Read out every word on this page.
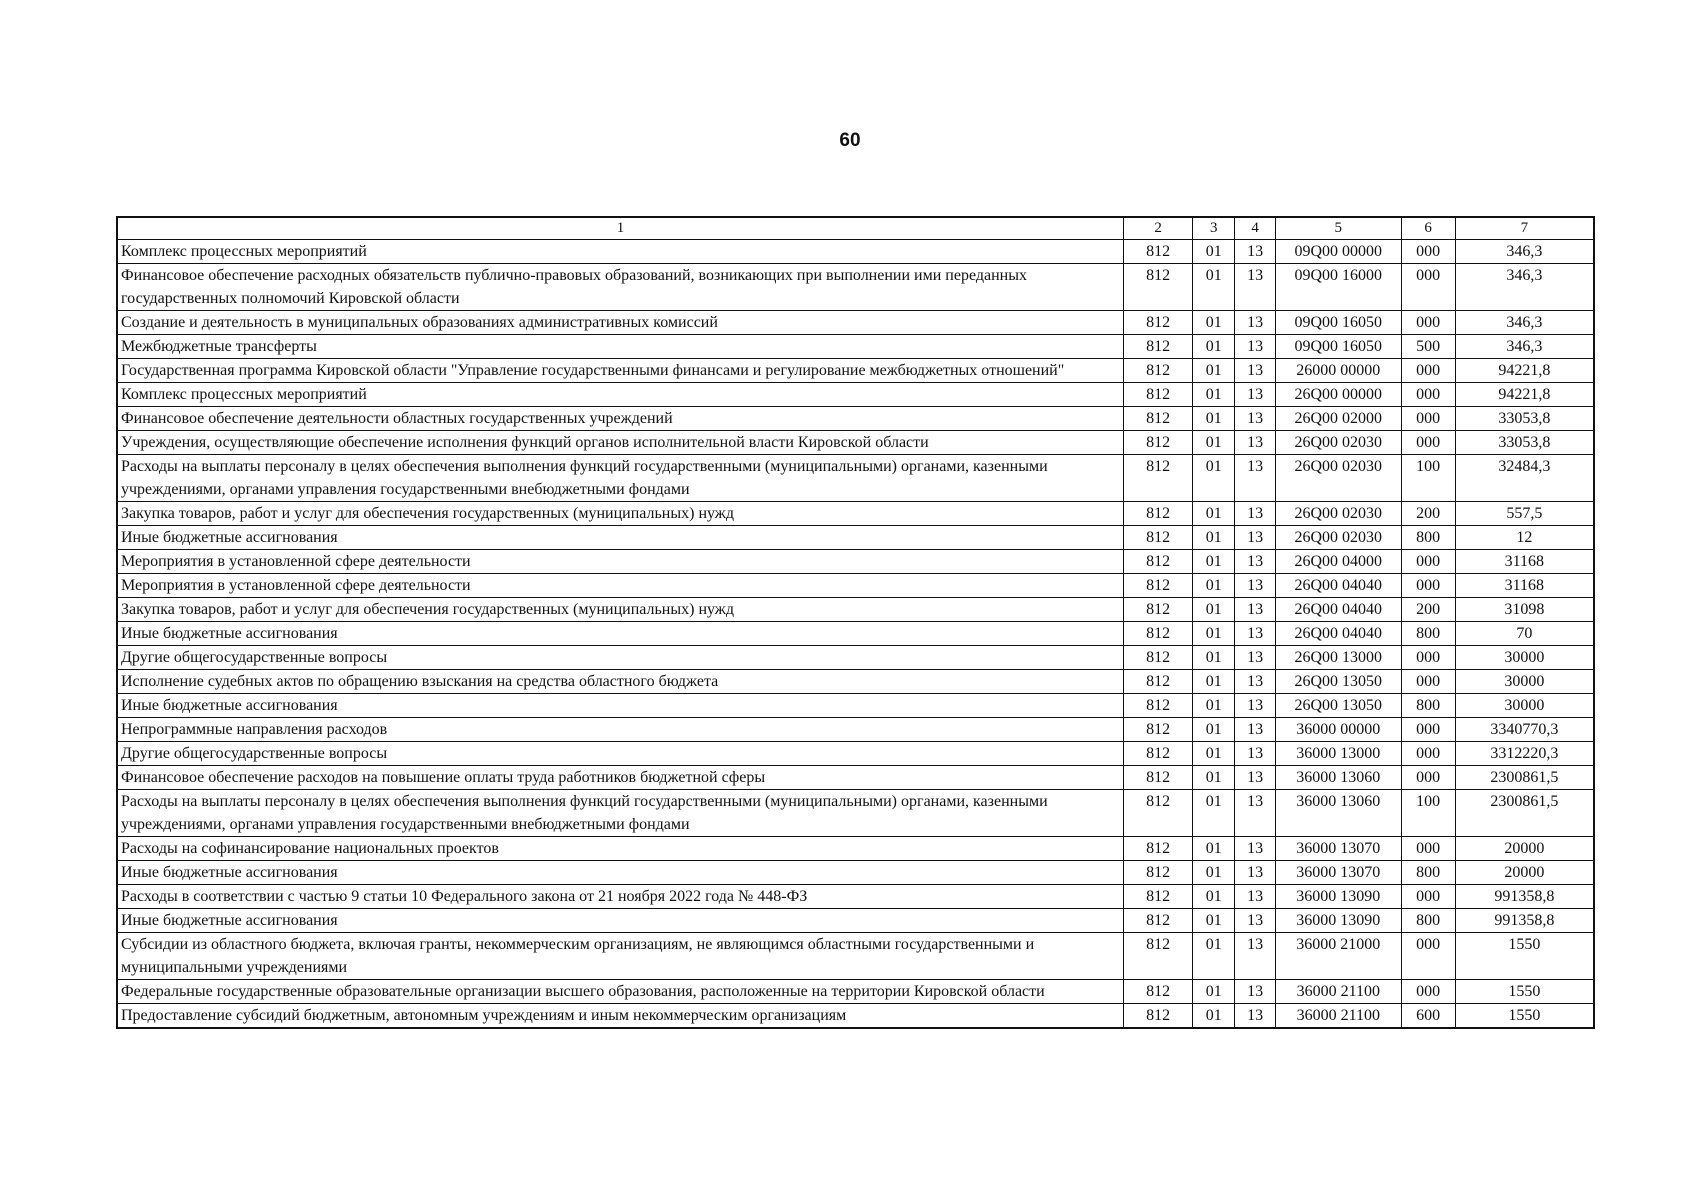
60
1	2	3	4	5	6	7
Комплекс процессных мероприятий	812	01	13	09Q00 00000	000	346,3
Финансовое обеспечение расходных обязательств публично-правовых образований, возникающих при выполнении ими переданных государственных полномочий Кировской области	812	01	13	09Q00 16000	000	346,3
Создание и деятельность в муниципальных образованиях административных комиссий	812	01	13	09Q00 16050	000	346,3
Межбюджетные трансферты	812	01	13	09Q00 16050	500	346,3
Государственная программа Кировской области "Управление государственными финансами и регулирование межбюджетных отношений"	812	01	13	26000 00000	000	94221,8
Комплекс процессных мероприятий	812	01	13	26Q00 00000	000	94221,8
Финансовое обеспечение деятельности областных государственных учреждений	812	01	13	26Q00 02000	000	33053,8
Учреждения, осуществляющие обеспечение исполнения функций органов исполнительной власти Кировской области	812	01	13	26Q00 02030	000	33053,8
Расходы на выплаты персоналу в целях обеспечения выполнения функций государственными (муниципальными) органами, казенными учреждениями, органами управления государственными внебюджетными фондами	812	01	13	26Q00 02030	100	32484,3
Закупка товаров, работ и услуг для обеспечения государственных (муниципальных) нужд	812	01	13	26Q00 02030	200	557,5
Иные бюджетные ассигнования	812	01	13	26Q00 02030	800	12
Мероприятия в установленной сфере деятельности	812	01	13	26Q00 04000	000	31168
Мероприятия в установленной сфере деятельности	812	01	13	26Q00 04040	000	31168
Закупка товаров, работ и услуг для обеспечения государственных (муниципальных) нужд	812	01	13	26Q00 04040	200	31098
Иные бюджетные ассигнования	812	01	13	26Q00 04040	800	70
Другие общегосударственные вопросы	812	01	13	26Q00 13000	000	30000
Исполнение судебных актов по обращению взыскания на средства областного бюджета	812	01	13	26Q00 13050	000	30000
Иные бюджетные ассигнования	812	01	13	26Q00 13050	800	30000
Непрограммные направления расходов	812	01	13	36000 00000	000	3340770,3
Другие общегосударственные вопросы	812	01	13	36000 13000	000	3312220,3
Финансовое обеспечение расходов на повышение оплаты труда работников бюджетной сферы	812	01	13	36000 13060	000	2300861,5
Расходы на выплаты персоналу в целях обеспечения выполнения функций государственными (муниципальными) органами, казенными учреждениями, органами управления государственными внебюджетными фондами	812	01	13	36000 13060	100	2300861,5
Расходы на софинансирование национальных проектов	812	01	13	36000 13070	000	20000
Иные бюджетные ассигнования	812	01	13	36000 13070	800	20000
Расходы в соответствии с частью 9 статьи 10 Федерального закона от 21 ноября 2022 года № 448-ФЗ	812	01	13	36000 13090	000	991358,8
Иные бюджетные ассигнования	812	01	13	36000 13090	800	991358,8
Субсидии из областного бюджета, включая гранты, некоммерческим организациям, не являющимся областными государственными и муниципальными учреждениями	812	01	13	36000 21000	000	1550
Федеральные государственные образовательные организации высшего образования, расположенные на территории Кировской области	812	01	13	36000 21100	000	1550
Предоставление субсидий бюджетным, автономным учреждениям и иным некоммерческим организациям	812	01	13	36000 21100	600	1550
